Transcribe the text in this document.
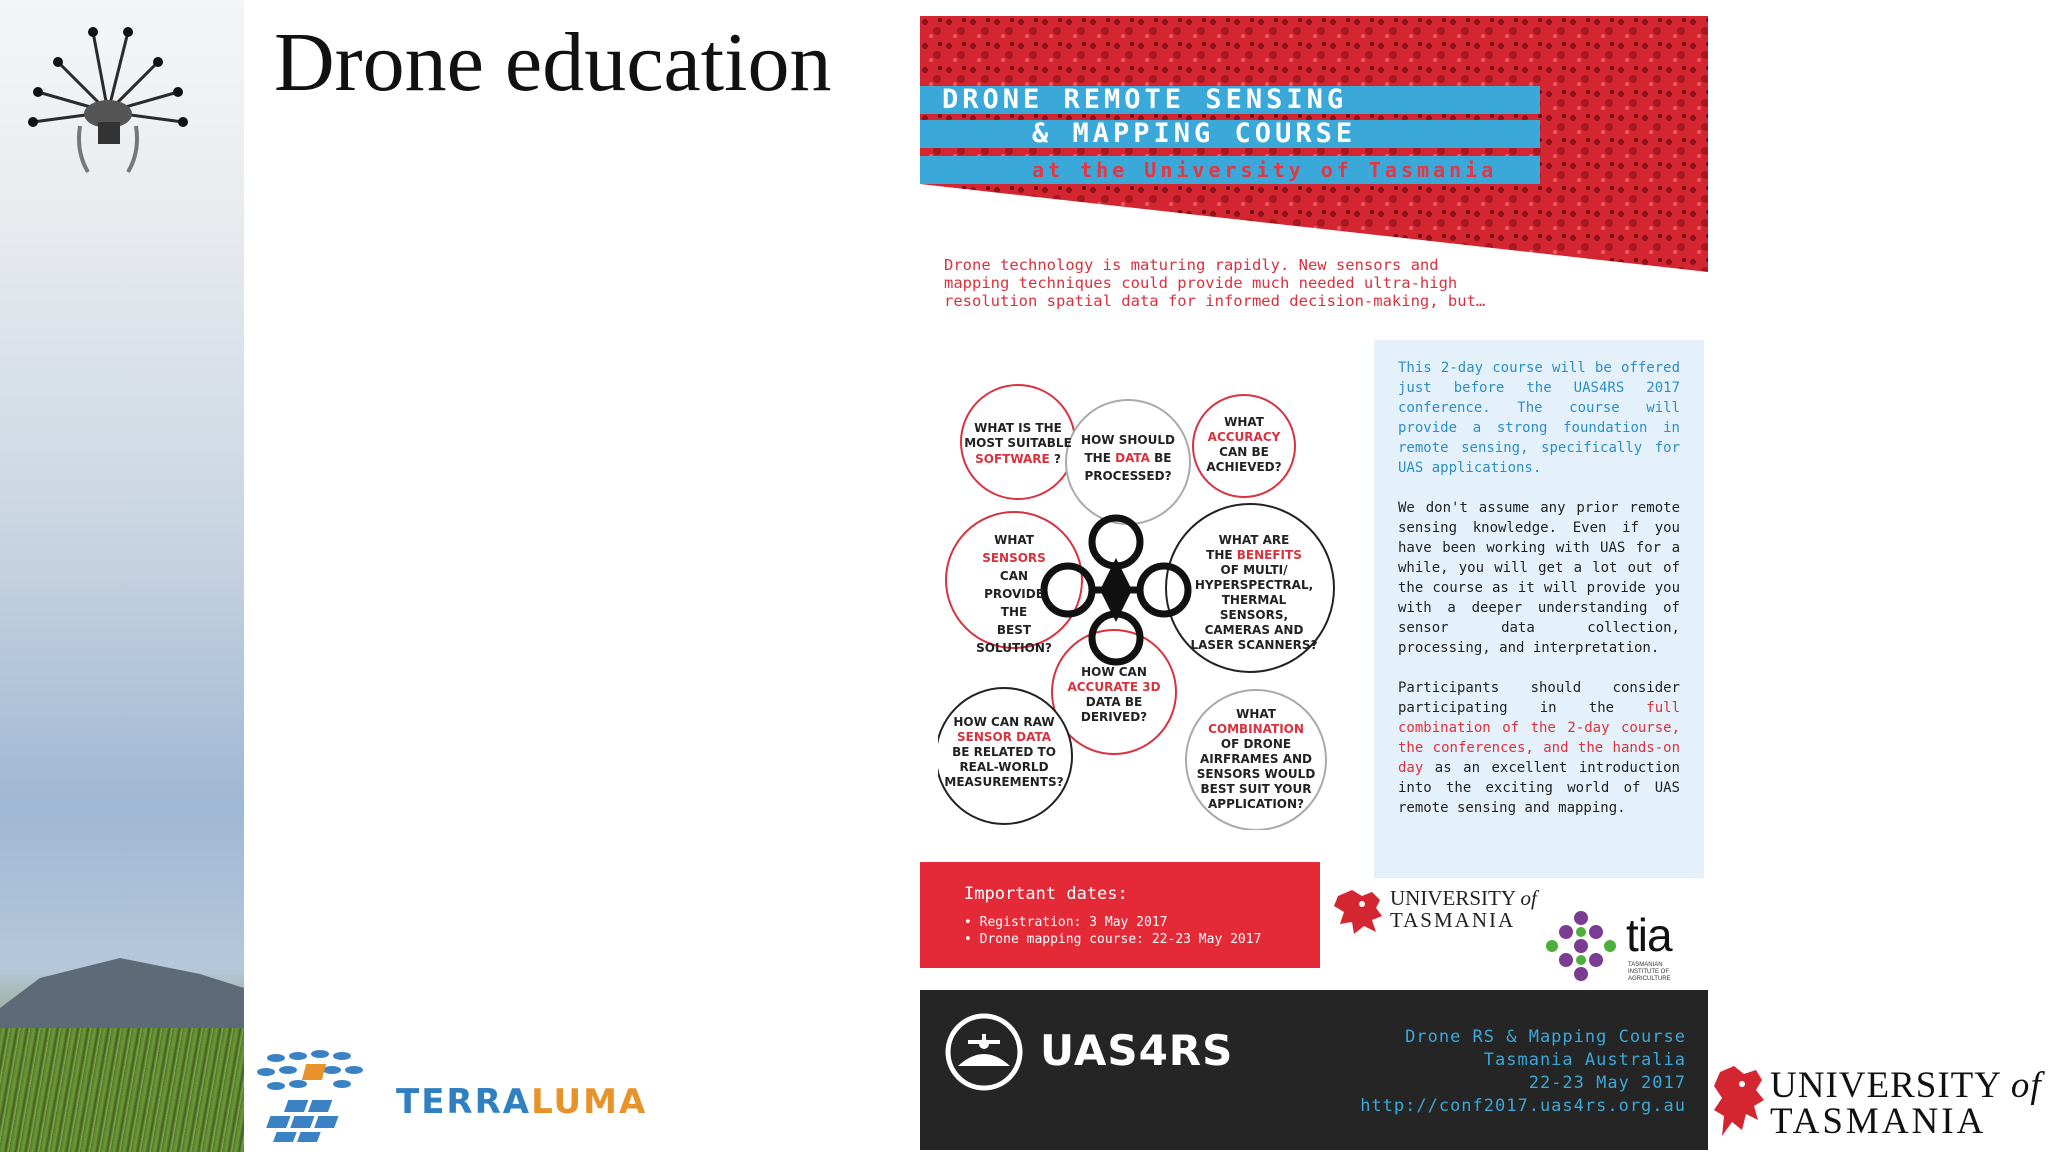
Drone education	DRONE REMOTE SENSING
& MAPPING COURSE
at the University of Tasmania
Drone technology is maturing rapidly. New sensors and mapping techniques could provide much needed ultra-high resolution spatial data for informed decision-making, but…
WHAT IS THE
MOST SUITABLE
SOFTWARE ?
HOW SHOULD
THE DATA BE
PROCESSED?
WHAT
ACCURACY
CAN BE
ACHIEVED?
WHAT
SENSORS
CAN
PROVIDE
THE
BEST
SOLUTION?
WHAT ARE
THE BENEFITS
OF MULTI/
HYPERSPECTRAL,
THERMAL
SENSORS,
CAMERAS AND
LASER SCANNERS?
HOW CAN
ACCURATE 3D
DATA BE
DERIVED?
HOW CAN RAW
SENSOR DATA
BE RELATED TO
REAL-WORLD
MEASUREMENTS?
WHAT
COMBINATION
OF DRONE
AIRFRAMES AND
SENSORS WOULD
BEST SUIT YOUR
APPLICATION?

This 2-day course will be offered just before the UAS4RS 2017 conference. The course will provide a strong foundation in remote sensing, specifically for UAS applications.

We don't assume any prior remote sensing knowledge. Even if you have been working with UAS for a while, you will get a lot out of the course as it will provide you with a deeper understanding of sensor data collection, processing, and interpretation.

Participants should consider participating in the full combination of the 2-day course, the conferences, and the hands-on day as an excellent introduction into the exciting world of UAS remote sensing and mapping.

Important dates:
• Registration: 3 May 2017
• Drone mapping course: 22-23 May 2017
UNIVERSITY of
TASMANIA tia
TASMANIAN
INSTITUTE OF
AGRICULTURE
UAS4RS	Drone RS & Mapping Course
Tasmania Australia
22-23 May 2017
http://conf2017.uas4rs.org.au
TERRALUMA	UNIVERSITY of
TASMANIA
